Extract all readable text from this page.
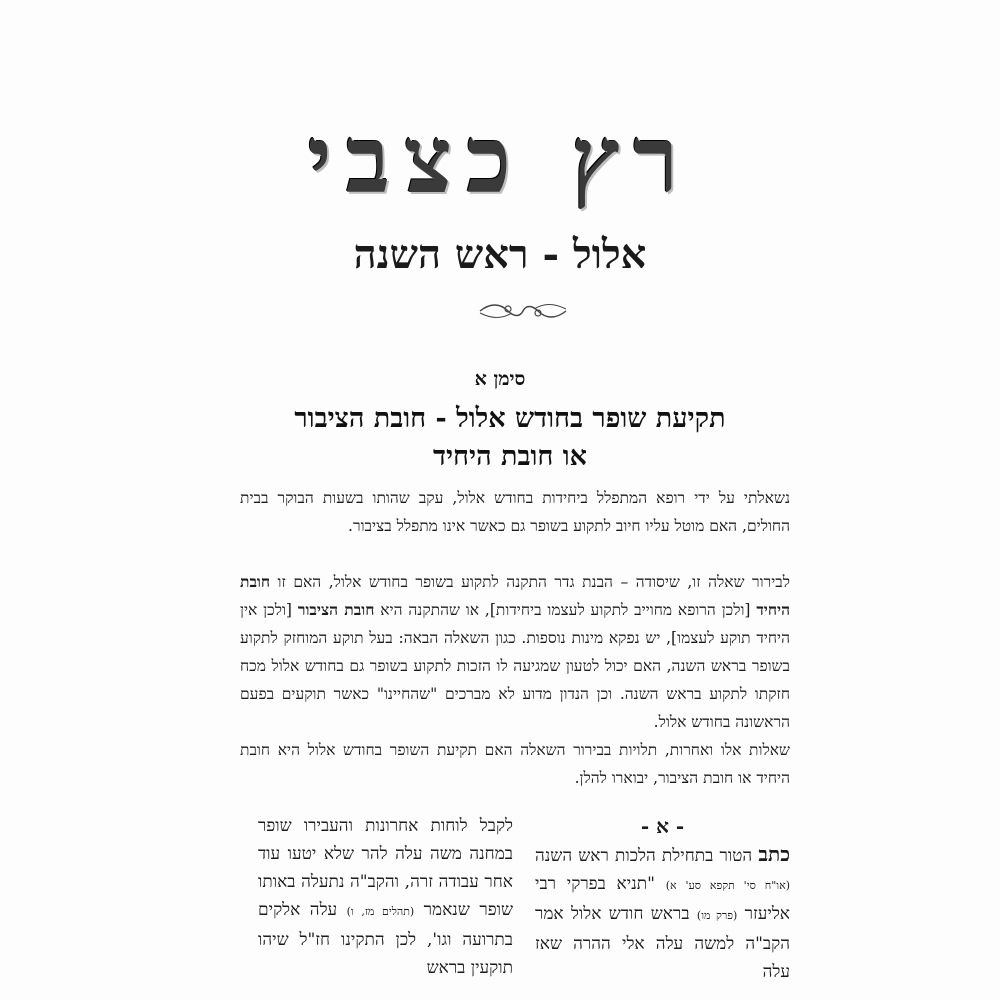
רץ כצבי
אלול - ראש השנה
סימן א
תקיעת שופר בחודש אלול - חובת הציבור
או חובת היחיד
נשאלתי על ידי רופא המתפלל ביחידות בחודש אלול, עקב שהותו בשעות הבוקר בבית החולים, האם מוטל עליו חיוב לתקוע בשופר גם כאשר אינו מתפלל בציבור.
לבירור שאלה זו, שיסודה – הבנת גדר התקנה לתקוע בשופר בחודש אלול, האם זו חובת היחיד [ולכן הרופא מחוייב לתקוע לעצמו ביחידות], או שהתקנה היא חובת הציבור [ולכן אין היחיד תוקע לעצמו], יש נפקא מינות נוספות. כגון השאלה הבאה: בעל תוקע המוחזק לתקוע בשופר בראש השנה, האם יכול לטעון שמגיעה לו הזכות לתקוע בשופר גם בחודש אלול מכח חזקתו לתקוע בראש השנה. וכן הנדון מדוע לא מברכים "שהחיינו" כאשר תוקעים בפעם הראשונה בחודש אלול.
שאלות אלו ואחרות, תלויות בבירור השאלה האם תקיעת השופר בחודש אלול היא חובת היחיד או חובת הציבור, יבוארו להלן.
- א -
כתב הטור בתחילת הלכות ראש השנה (או"ח סי' תקפא סע' א) "תניא בפרקי רבי אליעזר (פרק מו) בראש חודש אלול אמר הקב"ה למשה עלה אלי ההרה שאז עלה
לקבל לוחות אחרונות והעבירו שופר במחנה משה עלה להר שלא יטעו עוד אחר עבודה זרה, והקב"ה נתעלה באותו שופר שנאמר (תהלים מז, ו) עלה אלקים בתרועה וגו', לכן התקינו חז"ל שיהו תוקעין בראש
